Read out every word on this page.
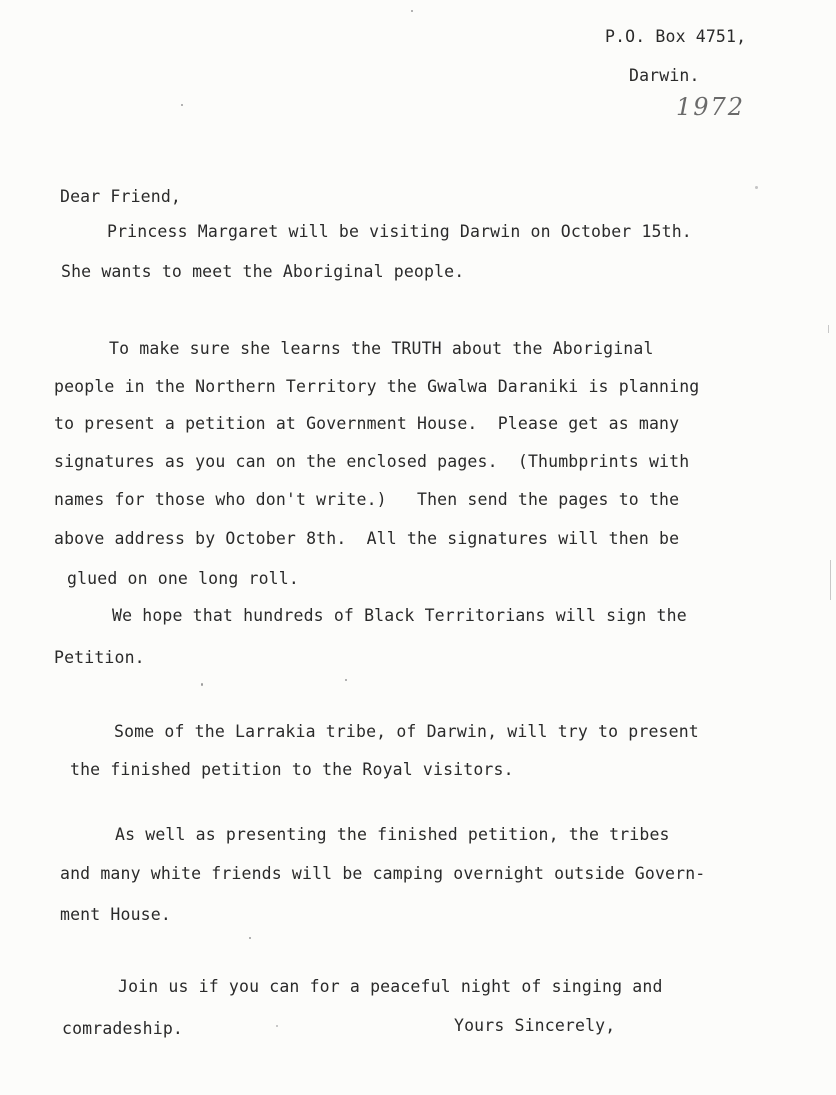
P.O. Box 4751,
Darwin.
1972
Dear Friend,
Princess Margaret will be visiting Darwin on October 15th.
She wants to meet the Aboriginal people.
To make sure she learns the TRUTH about the Aboriginal
people in the Northern Territory the Gwalwa Daraniki is planning
to present a petition at Government House.  Please get as many
signatures as you can on the enclosed pages.  (Thumbprints with
names for those who don't write.)   Then send the pages to the
above address by October 8th.  All the signatures will then be
glued on one long roll.
We hope that hundreds of Black Territorians will sign the
Petition.
Some of the Larrakia tribe, of Darwin, will try to present
the finished petition to the Royal visitors.
As well as presenting the finished petition, the tribes
and many white friends will be camping overnight outside Govern-
ment House.
Join us if you can for a peaceful night of singing and
comradeship.	Yours Sincerely,
